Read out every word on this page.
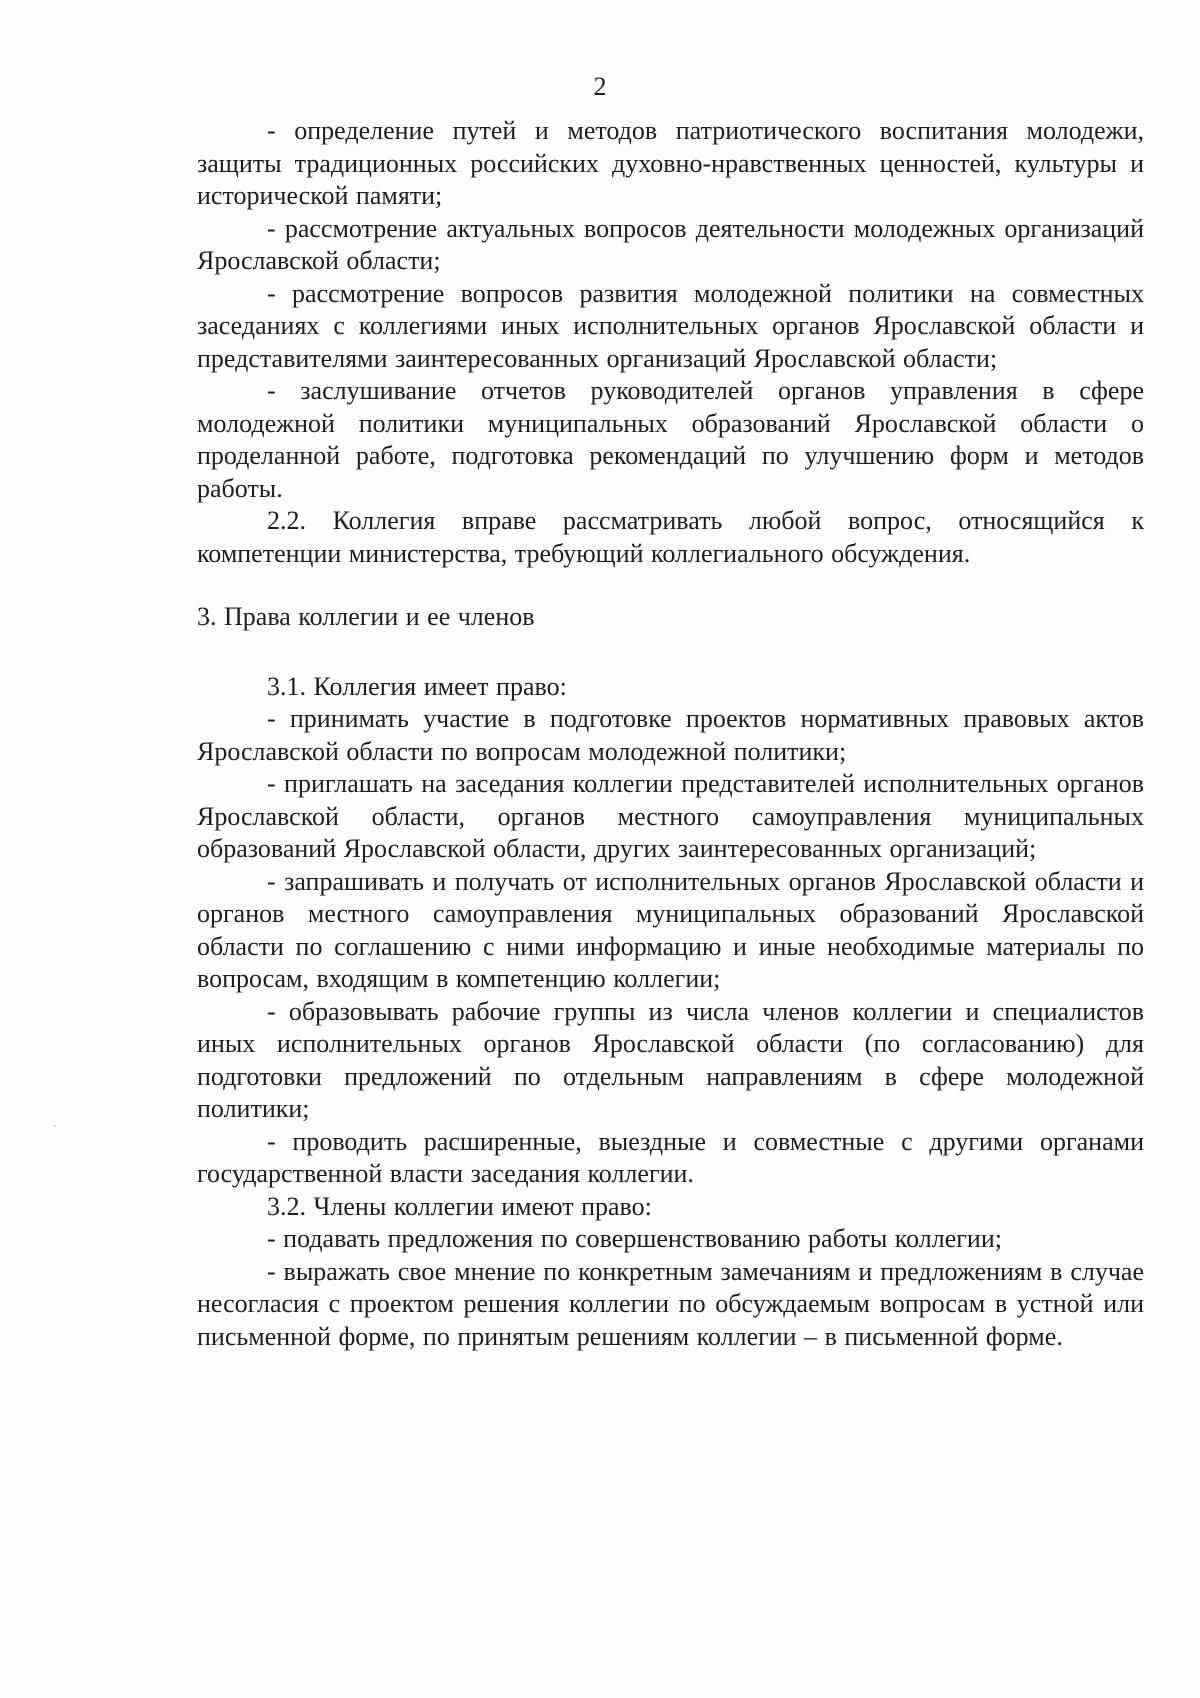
2

- определение путей и методов патриотического воспитания молодежи, защиты традиционных российских духовно-нравственных ценностей, культуры и исторической памяти;

- рассмотрение актуальных вопросов деятельности молодежных организаций Ярославской области;

- рассмотрение вопросов развития молодежной политики на совместных заседаниях с коллегиями иных исполнительных органов Ярославской области и представителями заинтересованных организаций Ярославской области;

- заслушивание отчетов руководителей органов управления в сфере молодежной политики муниципальных образований Ярославской области о проделанной работе, подготовка рекомендаций по улучшению форм и методов работы.

2.2. Коллегия вправе рассматривать любой вопрос, относящийся к компетенции министерства, требующий коллегиального обсуждения.

3. Права коллегии и ее членов

3.1. Коллегия имеет право:

- принимать участие в подготовке проектов нормативных правовых актов Ярославской области по вопросам молодежной политики;

- приглашать на заседания коллегии представителей исполнительных органов Ярославской области, органов местного самоуправления муниципальных образований Ярославской области, других заинтересованных организаций;

- запрашивать и получать от исполнительных органов Ярославской области и органов местного самоуправления муниципальных образований Ярославской области по соглашению с ними информацию и иные необходимые материалы по вопросам, входящим в компетенцию коллегии;

- образовывать рабочие группы из числа членов коллегии и специалистов иных исполнительных органов Ярославской области (по согласованию) для подготовки предложений по отдельным направлениям в сфере молодежной политики;

- проводить расширенные, выездные и совместные с другими органами государственной власти заседания коллегии.

3.2. Члены коллегии имеют право:

- подавать предложения по совершенствованию работы коллегии;

- выражать свое мнение по конкретным замечаниям и предложениям в случае несогласия с проектом решения коллегии по обсуждаемым вопросам в устной или письменной форме, по принятым решениям коллегии – в письменной форме.
